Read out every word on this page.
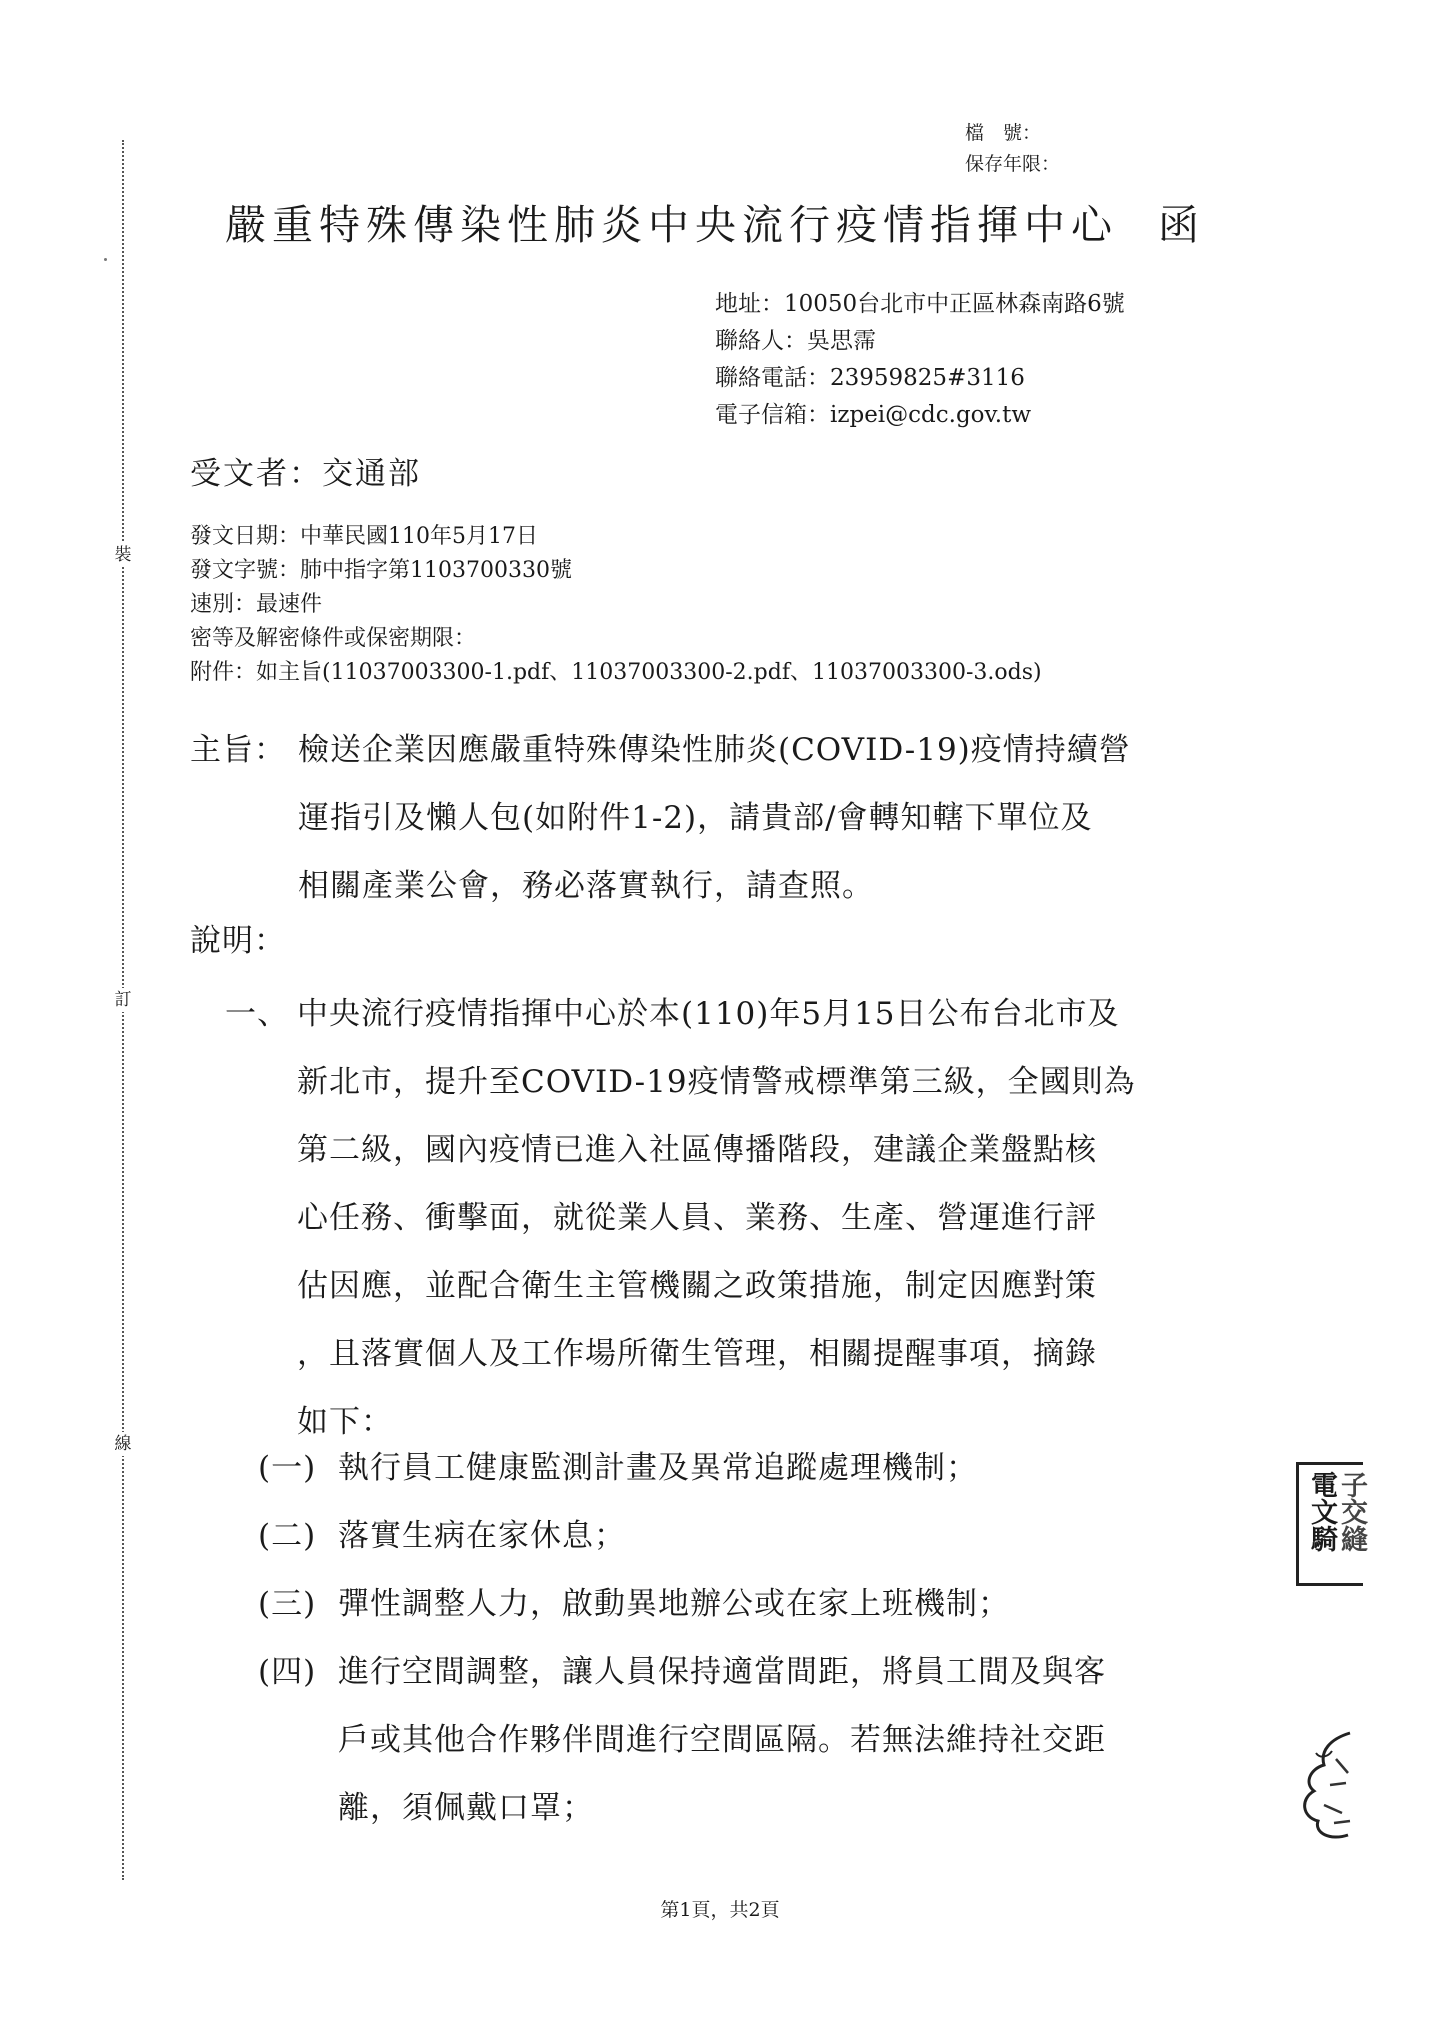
裝
訂
線
檔　號：
保存年限：
嚴重特殊傳染性肺炎中央流行疫情指揮中心 函
地址：10050台北市中正區林森南路6號
聯絡人：吳思霈
聯絡電話：23959825#3116
電子信箱：izpei@cdc.gov.tw
受文者：交通部
發文日期：中華民國110年5月17日
發文字號：肺中指字第1103700330號
速別：最速件
密等及解密條件或保密期限：
附件：如主旨(11037003300-1.pdf、11037003300-2.pdf、11037003300-3.ods)
主旨： 檢送企業因應嚴重特殊傳染性肺炎(COVID-19)疫情持續營
運指引及懶人包(如附件1-2)，請貴部/會轉知轄下單位及
相關產業公會，務必落實執行，請查照。
說明：
一、 中央流行疫情指揮中心於本(110)年5月15日公布台北市及
新北市，提升至COVID-19疫情警戒標準第三級，全國則為
第二級，國內疫情已進入社區傳播階段，建議企業盤點核
心任務、衝擊面，就從業人員、業務、生產、營運進行評
估因應，並配合衛生主管機關之政策措施，制定因應對策
，且落實個人及工作場所衛生管理，相關提醒事項，摘錄
如下：
(一) 執行員工健康監測計畫及異常追蹤處理機制；
(二) 落實生病在家休息；
(三) 彈性調整人力，啟動異地辦公或在家上班機制；
(四) 進行空間調整，讓人員保持適當間距，將員工間及與客
戶或其他合作夥伴間進行空間區隔。若無法維持社交距
離，須佩戴口罩；
電文騎 子交縫
第1頁，共2頁
